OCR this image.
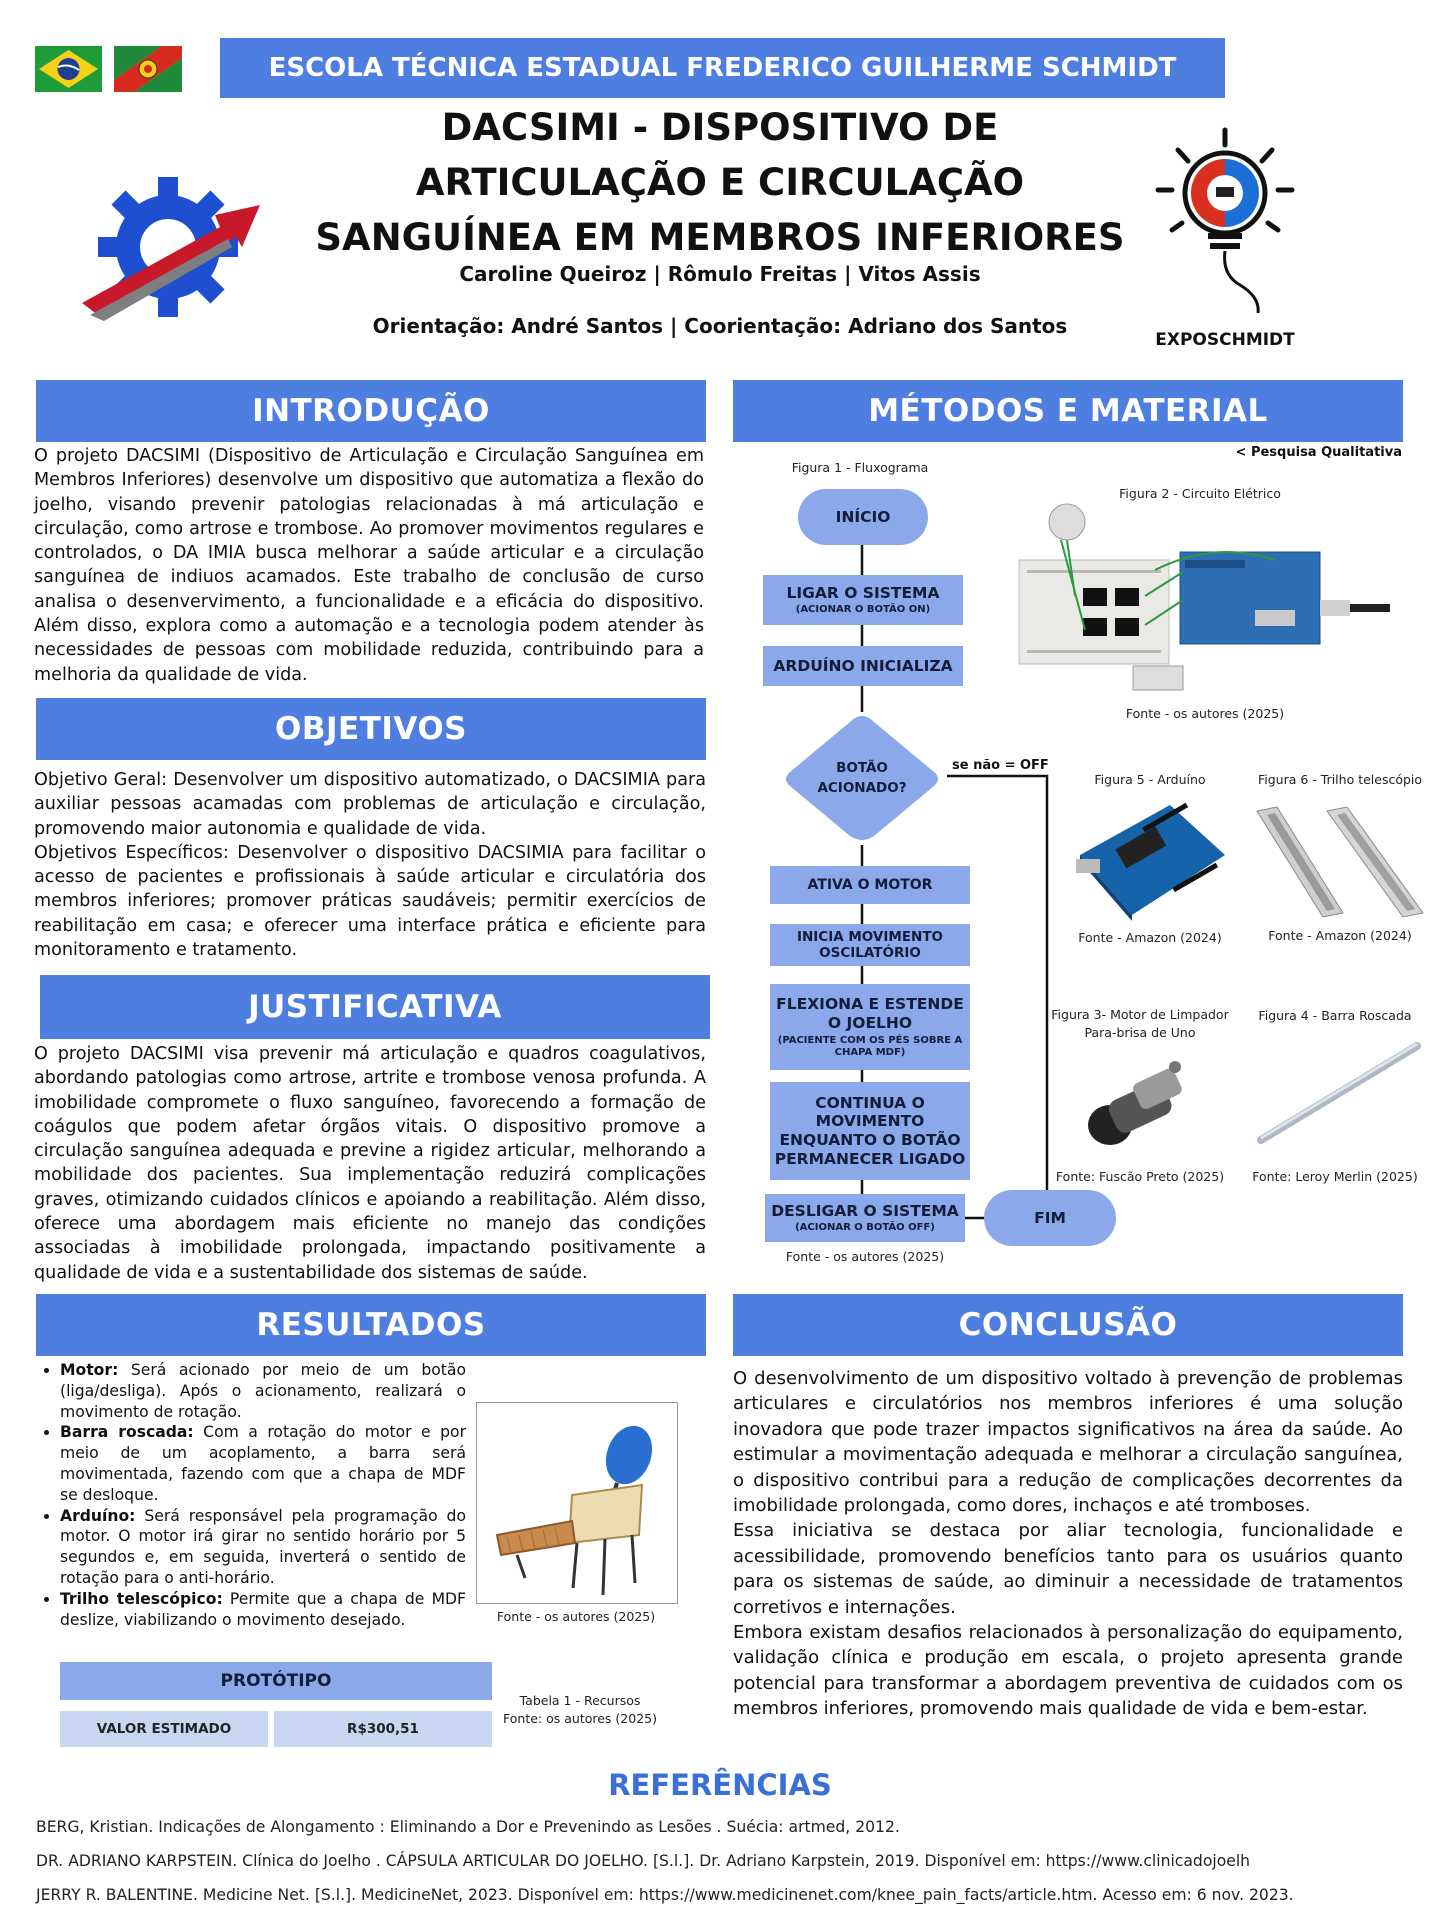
ESCOLA TÉCNICA ESTADUAL FREDERICO GUILHERME SCHMIDT
DACSIMI - DISPOSITIVO DE
ARTICULAÇÃO E CIRCULAÇÃO
SANGUÍNEA EM MEMBROS INFERIORES
Caroline Queiroz | Rômulo Freitas | Vitos Assis
Orientação: André Santos | Coorientação: Adriano dos Santos
EXPOSCHMIDT
INTRODUÇÃO
O projeto DACSIMI (Dispositivo de Articulação e Circulação Sanguínea em Membros Inferiores) desenvolve um dispositivo que automatiza a flexão do joelho, visando prevenir patologias relacionadas à má articulação e circulação, como artrose e trombose. Ao promover movimentos regulares e controlados, o DA IMIA busca melhorar a saúde articular e a circulação sanguínea de indiuos acamados. Este trabalho de conclusão de curso analisa o desenvervimento, a funcionalidade e a eficácia do dispositivo. Além disso, explora como a automação e a tecnologia podem atender às necessidades de pessoas com mobilidade reduzida, contribuindo para a melhoria da qualidade de vida.
OBJETIVOS

Objetivo Geral: Desenvolver um dispositivo automatizado, o DACSIMIA para auxiliar pessoas acamadas com problemas de articulação e circulação, promovendo maior autonomia e qualidade de vida.

Objetivos Específicos: Desenvolver o dispositivo DACSIMIA para facilitar o acesso de pacientes e profissionais à saúde articular e circulatória dos membros inferiores; promover práticas saudáveis; permitir exercícios de reabilitação em casa; e oferecer uma interface prática e eficiente para monitoramento e tratamento.

JUSTIFICATIVA
O projeto DACSIMI visa prevenir má articulação e quadros coagulativos, abordando patologias como artrose, artrite e trombose venosa profunda. A imobilidade compromete o fluxo sanguíneo, favorecendo a formação de coágulos que podem afetar órgãos vitais. O dispositivo promove a circulação sanguínea adequada e previne a rigidez articular, melhorando a mobilidade dos pacientes. Sua implementação reduzirá complicações graves, otimizando cuidados clínicos e apoiando a reabilitação. Além disso, oferece uma abordagem mais eficiente no manejo das condições associadas à imobilidade prolongada, impactando positivamente a qualidade de vida e a sustentabilidade dos sistemas de saúde.
RESULTADOS
• Motor: Será acionado por meio de um botão (liga/desliga). Após o acionamento, realizará o movimento de rotação.
• Barra roscada: Com a rotação do motor e por meio de um acoplamento, a barra será movimentada, fazendo com que a chapa de MDF se desloque.
• Arduíno: Será responsável pela programação do motor. O motor irá girar no sentido horário por 5 segundos e, em seguida, inverterá o sentido de rotação para o anti-horário.
• Trilho telescópico: Permite que a chapa de MDF deslize, viabilizando o movimento desejado.	Fonte - os autores (2025)
PROTÓTIPO
VALOR ESTIMADO	R$300,51
Tabela 1 - Recursos
Fonte: os autores (2025)
MÉTODOS E MATERIAL
< Pesquisa Qualitativa
Figura 1 - Fluxograma
INÍCIO
LIGAR O SISTEMA
(ACIONAR O BOTÃO ON)
ARDUÍNO INICIALIZA
BOTÃO
ACIONADO?
se não = OFF
ATIVA O MOTOR
INICIA MOVIMENTO
OSCILATÓRIO
FLEXIONA E ESTENDE
O JOELHO
(PACIENTE COM OS PÉS SOBRE A
CHAPA MDF)
CONTINUA O
MOVIMENTO
ENQUANTO O BOTÃO
PERMANECER LIGADO
DESLIGAR O SISTEMA
(ACIONAR O BOTÃO OFF)
FIM
Fonte - os autores (2025)
Figura 2 - Circuito Elétrico
Fonte - os autores (2025)
Figura 5 - Arduíno
Fonte - Amazon (2024)
Figura 6 - Trilho telescópio
Fonte - Amazon (2024)
Figura 3- Motor de Limpador
Para-brisa de Uno
Fonte: Fuscão Preto (2025)
Figura 4 - Barra Roscada
Fonte: Leroy Merlin (2025)
CONCLUSÃO

O desenvolvimento de um dispositivo voltado à prevenção de problemas articulares e circulatórios nos membros inferiores é uma solução inovadora que pode trazer impactos significativos na área da saúde. Ao estimular a movimentação adequada e melhorar a circulação sanguínea, o dispositivo contribui para a redução de complicações decorrentes da imobilidade prolongada, como dores, inchaços e até tromboses.

Essa iniciativa se destaca por aliar tecnologia, funcionalidade e acessibilidade, promovendo benefícios tanto para os usuários quanto para os sistemas de saúde, ao diminuir a necessidade de tratamentos corretivos e internações.

Embora existam desafios relacionados à personalização do equipamento, validação clínica e produção em escala, o projeto apresenta grande potencial para transformar a abordagem preventiva de cuidados com os membros inferiores, promovendo mais qualidade de vida e bem-estar.

REFERÊNCIAS
BERG, Kristian. Indicações de Alongamento : Eliminando a Dor e Prevenindo as Lesões . Suécia: artmed, 2012.
DR. ADRIANO KARPSTEIN. Clínica do Joelho . CÁPSULA ARTICULAR DO JOELHO. [S.l.]. Dr. Adriano Karpstein, 2019. Disponível em: https://www.clinicadojoelh
JERRY R. BALENTINE. Medicine Net. [S.l.]. MedicineNet, 2023. Disponível em: https://www.medicinenet.com/knee_pain_facts/article.htm. Acesso em: 6 nov. 2023.
